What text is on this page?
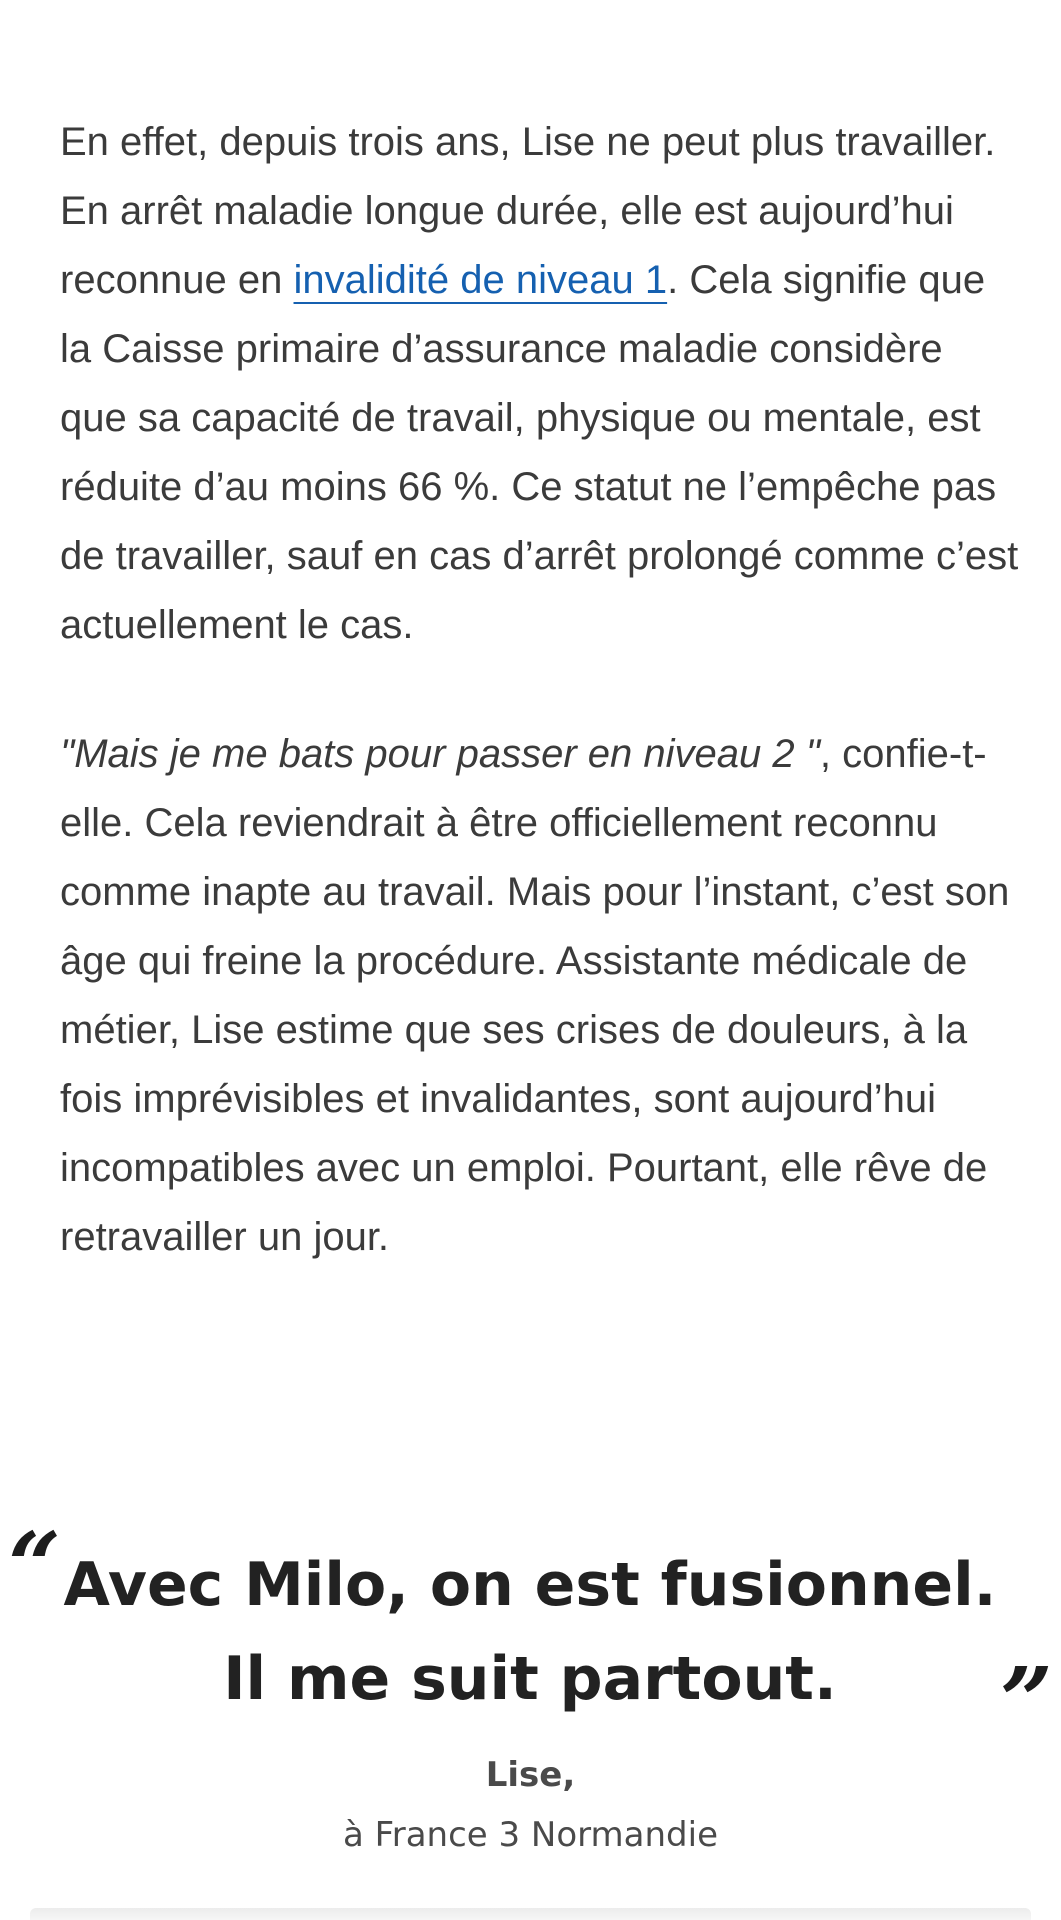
En effet, depuis trois ans, Lise ne peut plus travailler. En arrêt maladie longue durée, elle est aujourd’hui reconnue en invalidité de niveau 1. Cela signifie que la Caisse primaire d’assurance maladie considère que sa capacité de travail, physique ou mentale, est réduite d’au moins 66 %. Ce statut ne l’empêche pas de travailler, sauf en cas d’arrêt prolongé comme c’est actuellement le cas.

"Mais je me bats pour passer en niveau 2 ", confie-t-elle. Cela reviendrait à être officiellement reconnu comme inapte au travail. Mais pour l’instant, c’est son âge qui freine la procédure. Assistante médicale de métier, Lise estime que ses crises de douleurs, à la fois imprévisibles et invalidantes, sont aujourd’hui incompatibles avec un emploi. Pourtant, elle rêve de retravailler un jour.

“ Avec Milo, on est fusionnel.
Il me suit partout.	”
Lise,
à France 3 Normandie
